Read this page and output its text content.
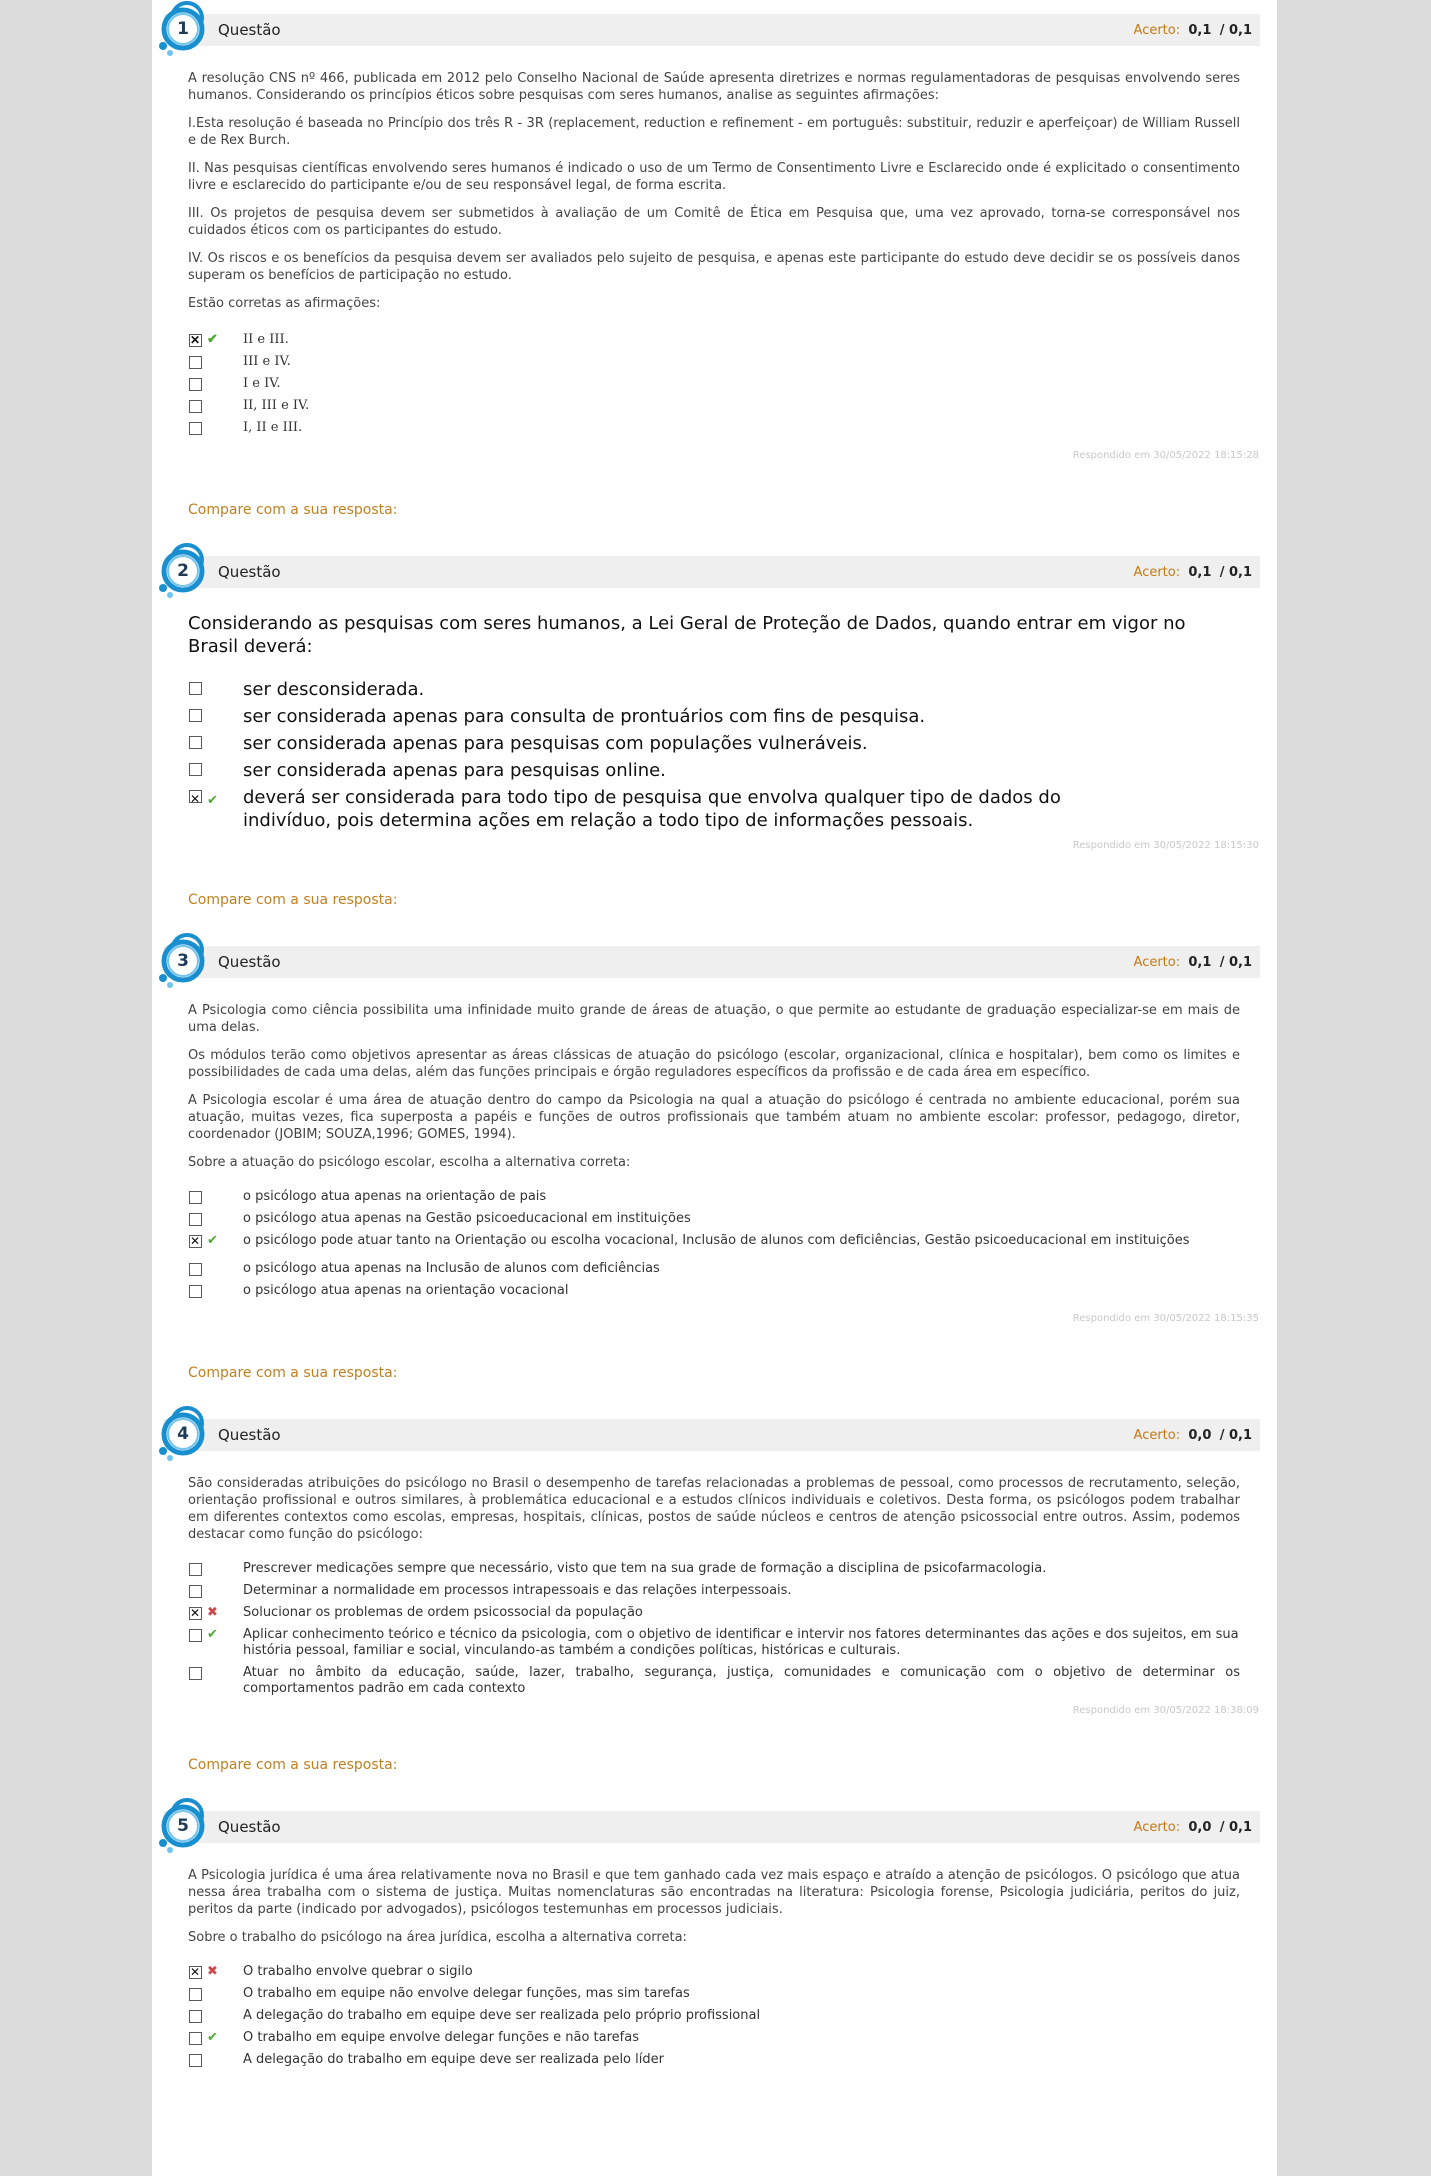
1	Questão	Acerto: 0,1 / 0,1

A resolução CNS nº 466, publicada em 2012 pelo Conselho Nacional de Saúde apresenta diretrizes e normas regulamentadoras de pesquisas envolvendo seres humanos. Considerando os princípios éticos sobre pesquisas com seres humanos, analise as seguintes afirmações:

I.Esta resolução é baseada no Princípio dos três R - 3R (replacement, reduction e refinement - em português: substituir, reduzir e aperfeiçoar) de William Russell e de Rex Burch.

II. Nas pesquisas científicas envolvendo seres humanos é indicado o uso de um Termo de Consentimento Livre e Esclarecido onde é explicitado o consentimento livre e esclarecido do participante e/ou de seu responsável legal, de forma escrita.

III. Os projetos de pesquisa devem ser submetidos à avaliação de um Comitê de Ética em Pesquisa que, uma vez aprovado, torna-se corresponsável nos cuidados éticos com os participantes do estudo.

IV. Os riscos e os benefícios da pesquisa devem ser avaliados pelo sujeito de pesquisa, e apenas este participante do estudo deve decidir se os possíveis danos superam os benefícios de participação no estudo.

Estão corretas as afirmações:

✕
✔ II e III.
III e IV.
I e IV.
II, III e IV.
I, II e III.
Respondido em 30/05/2022 18:15:28
Compare com a sua resposta:
2	Questão	Acerto: 0,1 / 0,1

Considerando as pesquisas com seres humanos, a Lei Geral de Proteção de Dados, quando entrar em vigor no Brasil deverá:

ser desconsiderada.
ser considerada apenas para consulta de prontuários com fins de pesquisa.
ser considerada apenas para pesquisas com populações vulneráveis.
ser considerada apenas para pesquisas online.
✕
✔ deverá ser considerada para todo tipo de pesquisa que envolva qualquer tipo de dados do indivíduo, pois determina ações em relação a todo tipo de informações pessoais.
Respondido em 30/05/2022 18:15:30
Compare com a sua resposta:
3	Questão	Acerto: 0,1 / 0,1

A Psicologia como ciência possibilita uma infinidade muito grande de áreas de atuação, o que permite ao estudante de graduação especializar-se em mais de uma delas.

Os módulos terão como objetivos apresentar as áreas clássicas de atuação do psicólogo (escolar, organizacional, clínica e hospitalar), bem como os limites e possibilidades de cada uma delas, além das funções principais e órgão reguladores específicos da profissão e de cada área em específico.

A Psicologia escolar é uma área de atuação dentro do campo da Psicologia na qual a atuação do psicólogo é centrada no ambiente educacional, porém sua atuação, muitas vezes, fica superposta a papéis e funções de outros profissionais que também atuam no ambiente escolar: professor, pedagogo, diretor, coordenador (JOBIM; SOUZA,1996; GOMES, 1994).

Sobre a atuação do psicólogo escolar, escolha a alternativa correta:

o psicólogo atua apenas na orientação de pais
o psicólogo atua apenas na Gestão psicoeducacional em instituições
✕
✔ o psicólogo pode atuar tanto na Orientação ou escolha vocacional, Inclusão de alunos com deficiências, Gestão psicoeducacional em instituições
o psicólogo atua apenas na Inclusão de alunos com deficiências
o psicólogo atua apenas na orientação vocacional
Respondido em 30/05/2022 18:15:35
Compare com a sua resposta:
4	Questão	Acerto: 0,0 / 0,1

São consideradas atribuições do psicólogo no Brasil o desempenho de tarefas relacionadas a problemas de pessoal, como processos de recrutamento, seleção, orientação profissional e outros similares, à problemática educacional e a estudos clínicos individuais e coletivos. Desta forma, os psicólogos podem trabalhar em diferentes contextos como escolas, empresas, hospitais, clínicas, postos de saúde núcleos e centros de atenção psicossocial entre outros. Assim, podemos destacar como função do psicólogo:

Prescrever medicações sempre que necessário, visto que tem na sua grade de formação a disciplina de psicofarmacologia.
Determinar a normalidade em processos intrapessoais e das relações interpessoais.
✕
✖ Solucionar os problemas de ordem psicossocial da população
✔ Aplicar conhecimento teórico e técnico da psicologia, com o objetivo de identificar e intervir nos fatores determinantes das ações e dos sujeitos, em sua história pessoal, familiar e social, vinculando-as também a condições políticas, históricas e culturais.
Atuar no âmbito da educação, saúde, lazer, trabalho, segurança, justiça, comunidades e comunicação com o objetivo de determinar os comportamentos padrão em cada contexto
Respondido em 30/05/2022 18:38:09
Compare com a sua resposta:
5	Questão	Acerto: 0,0 / 0,1

A Psicologia jurídica é uma área relativamente nova no Brasil e que tem ganhado cada vez mais espaço e atraído a atenção de psicólogos. O psicólogo que atua nessa área trabalha com o sistema de justiça. Muitas nomenclaturas são encontradas na literatura: Psicologia forense, Psicologia judiciária, peritos do juiz, peritos da parte (indicado por advogados), psicólogos testemunhas em processos judiciais.

Sobre o trabalho do psicólogo na área jurídica, escolha a alternativa correta:

✕
✖ O trabalho envolve quebrar o sigilo
O trabalho em equipe não envolve delegar funções, mas sim tarefas
A delegação do trabalho em equipe deve ser realizada pelo próprio profissional
✔ O trabalho em equipe envolve delegar funções e não tarefas
A delegação do trabalho em equipe deve ser realizada pelo líder
